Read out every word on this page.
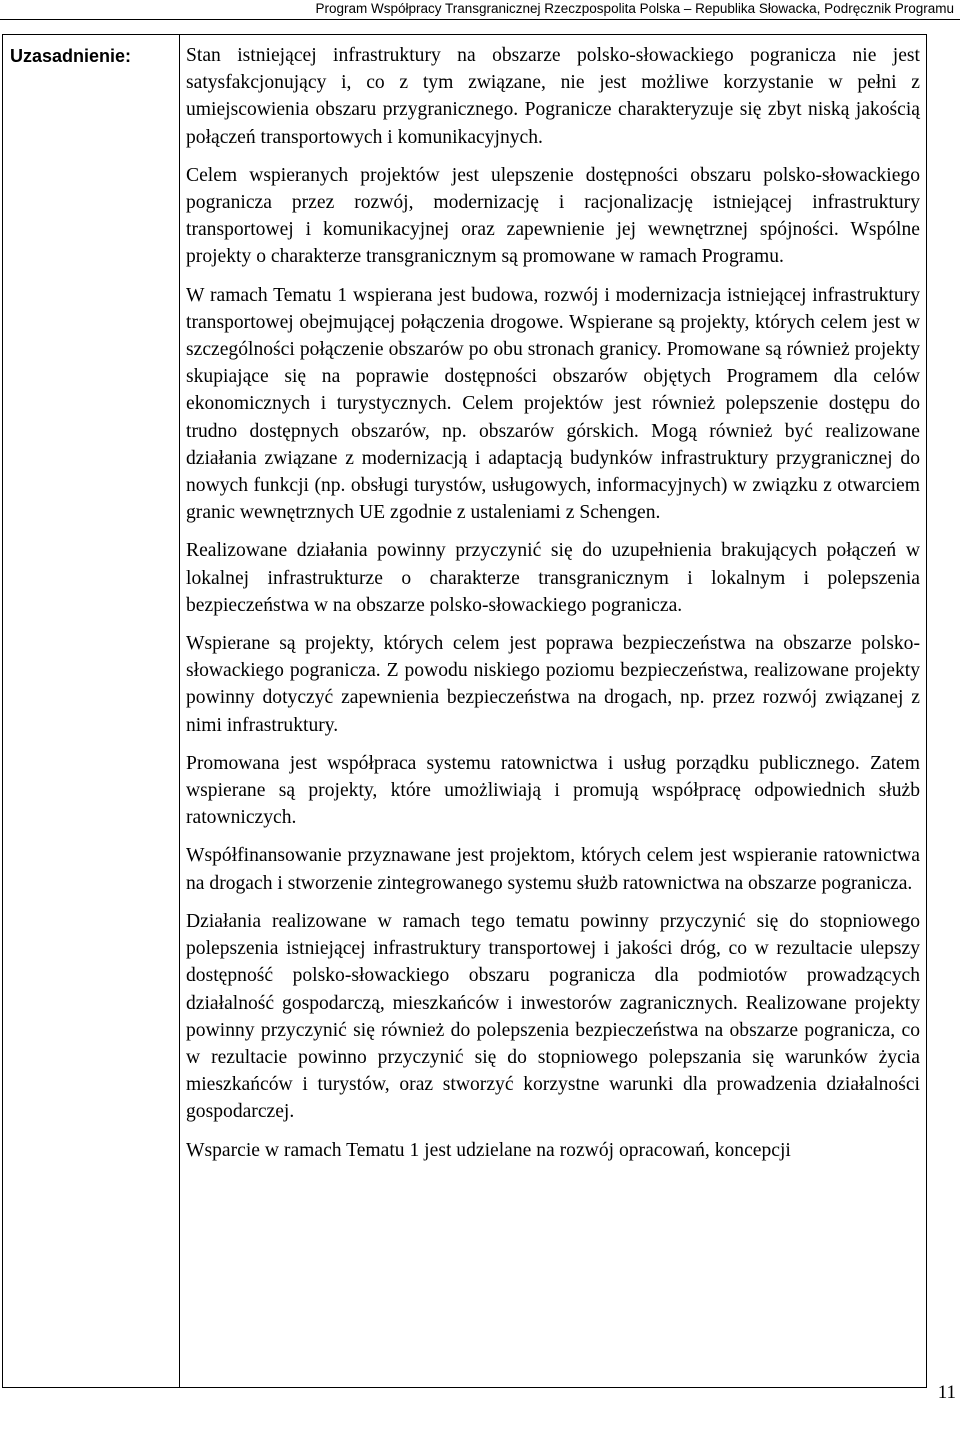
Program Współpracy Transgranicznej Rzeczpospolita Polska – Republika Słowacka, Podręcznik Programu
Uzasadnienie:	Stan istniejącej infrastruktury na obszarze polsko-słowackiego pogranicza nie jest satysfakcjonujący i, co z tym związane, nie jest możliwe korzystanie w pełni z umiejscowienia obszaru przygranicznego. Pogranicze charakteryzuje się zbyt niską jakością połączeń transportowych i komunikacyjnych.

Celem wspieranych projektów jest ulepszenie dostępności obszaru polsko-słowackiego pogranicza przez rozwój, modernizację i racjonalizację istniejącej infrastruktury transportowej i komunikacyjnej oraz zapewnienie jej wewnętrznej spójności. Wspólne projekty o charakterze transgranicznym są promowane w ramach Programu.

W ramach Tematu 1 wspierana jest budowa, rozwój i modernizacja istniejącej infrastruktury transportowej obejmującej połączenia drogowe. Wspierane są projekty, których celem jest w szczególności połączenie obszarów po obu stronach granicy. Promowane są również projekty skupiające się na poprawie dostępności obszarów objętych Programem dla celów ekonomicznych i turystycznych. Celem projektów jest również polepszenie dostępu do trudno dostępnych obszarów, np. obszarów górskich. Mogą również być realizowane działania związane z modernizacją i adaptacją budynków infrastruktury przygranicznej do nowych funkcji (np. obsługi turystów, usługowych, informacyjnych) w związku z otwarciem granic wewnętrznych UE zgodnie z ustaleniami z Schengen.

Realizowane działania powinny przyczynić się do uzupełnienia brakujących połączeń w lokalnej infrastrukturze o charakterze transgranicznym i lokalnym i polepszenia bezpieczeństwa w na obszarze polsko-słowackiego pogranicza.

Wspierane są projekty, których celem jest poprawa bezpieczeństwa na obszarze polsko-słowackiego pogranicza. Z powodu niskiego poziomu bezpieczeństwa, realizowane projekty powinny dotyczyć zapewnienia bezpieczeństwa na drogach, np. przez rozwój związanej z nimi infrastruktury.

Promowana jest współpraca systemu ratownictwa i usług porządku publicznego. Zatem wspierane są projekty, które umożliwiają i promują współpracę odpowiednich służb ratowniczych.

Współfinansowanie przyznawane jest projektom, których celem jest wspieranie ratownictwa na drogach i stworzenie zintegrowanego systemu służb ratownictwa na obszarze pogranicza.

Działania realizowane w ramach tego tematu powinny przyczynić się do stopniowego polepszenia istniejącej infrastruktury transportowej i jakości dróg, co w rezultacie ulepszy dostępność polsko-słowackiego obszaru pogranicza dla podmiotów prowadzących działalność gospodarczą, mieszkańców i inwestorów zagranicznych. Realizowane projekty powinny przyczynić się również do polepszenia bezpieczeństwa na obszarze pogranicza, co w rezultacie powinno przyczynić się do stopniowego polepszania się warunków życia mieszkańców i turystów, oraz stworzyć korzystne warunki dla prowadzenia działalności gospodarczej.

Wsparcie w ramach Tematu 1 jest udzielane na rozwój opracowań, koncepcji

11
